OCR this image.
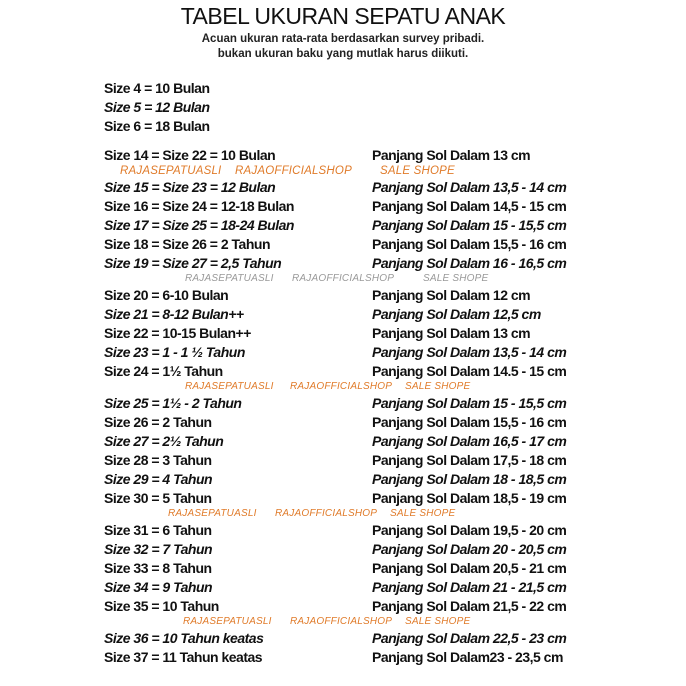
TABEL UKURAN SEPATU ANAK
Acuan ukuran rata-rata berdasarkan survey pribadi.
bukan ukuran baku yang mutlak harus diikuti.
Size 4 = 10 Bulan
Size 5 = 12 Bulan
Size 6 = 18 Bulan
Size 14 = Size 22 = 10 Bulan	Panjang Sol Dalam 13 cm
Size 15 = Size 23 = 12 Bulan	Panjang Sol Dalam 13,5 - 14 cm
Size 16 = Size 24 = 12-18 Bulan	Panjang Sol Dalam 14,5 - 15 cm
Size 17 = Size 25 = 18-24 Bulan	Panjang Sol Dalam 15 - 15,5 cm
Size 18 = Size 26 = 2 Tahun	Panjang Sol Dalam 15,5 - 16 cm
Size 19 = Size 27 = 2,5 Tahun	Panjang Sol Dalam 16 - 16,5 cm
Size 20 = 6-10 Bulan	Panjang Sol Dalam 12 cm
Size 21 = 8-12 Bulan++	Panjang Sol Dalam 12,5 cm
Size 22 = 10-15 Bulan++	Panjang Sol Dalam 13 cm
Size 23 = 1 - 1 ½ Tahun	Panjang Sol Dalam 13,5 - 14 cm
Size 24 = 1½ Tahun	Panjang Sol Dalam 14.5 - 15 cm
Size 25 = 1½ - 2 Tahun	Panjang Sol Dalam 15 - 15,5 cm
Size 26 = 2 Tahun	Panjang Sol Dalam 15,5 - 16 cm
Size 27 = 2½ Tahun	Panjang Sol Dalam 16,5 - 17 cm
Size 28 = 3 Tahun	Panjang Sol Dalam 17,5 - 18 cm
Size 29 = 4 Tahun	Panjang Sol Dalam 18 - 18,5 cm
Size 30 = 5 Tahun	Panjang Sol Dalam 18,5 - 19 cm
Size 31 = 6 Tahun	Panjang Sol Dalam 19,5 - 20 cm
Size 32 = 7 Tahun	Panjang Sol Dalam 20 - 20,5 cm
Size 33 = 8 Tahun	Panjang Sol Dalam 20,5 - 21 cm
Size 34 = 9 Tahun	Panjang Sol Dalam 21 - 21,5 cm
Size 35 = 10 Tahun	Panjang Sol Dalam 21,5 - 22 cm
Size 36 = 10 Tahun keatas	Panjang Sol Dalam 22,5 - 23 cm
Size 37 = 11 Tahun keatas	Panjang Sol Dalam23 - 23,5 cm
RAJASEPATUASLI RAJAOFFICIALSHOP SALE SHOPE
RAJASEPATUASLI RAJAOFFICIALSHOP	SALE SHOPE
RAJASEPATUASLI RAJAOFFICIALSHOP SALE SHOPE
RAJASEPATUASLI RAJAOFFICIALSHOP SALE SHOPE
RAJASEPATUASLI RAJAOFFICIALSHOP SALE SHOPE
